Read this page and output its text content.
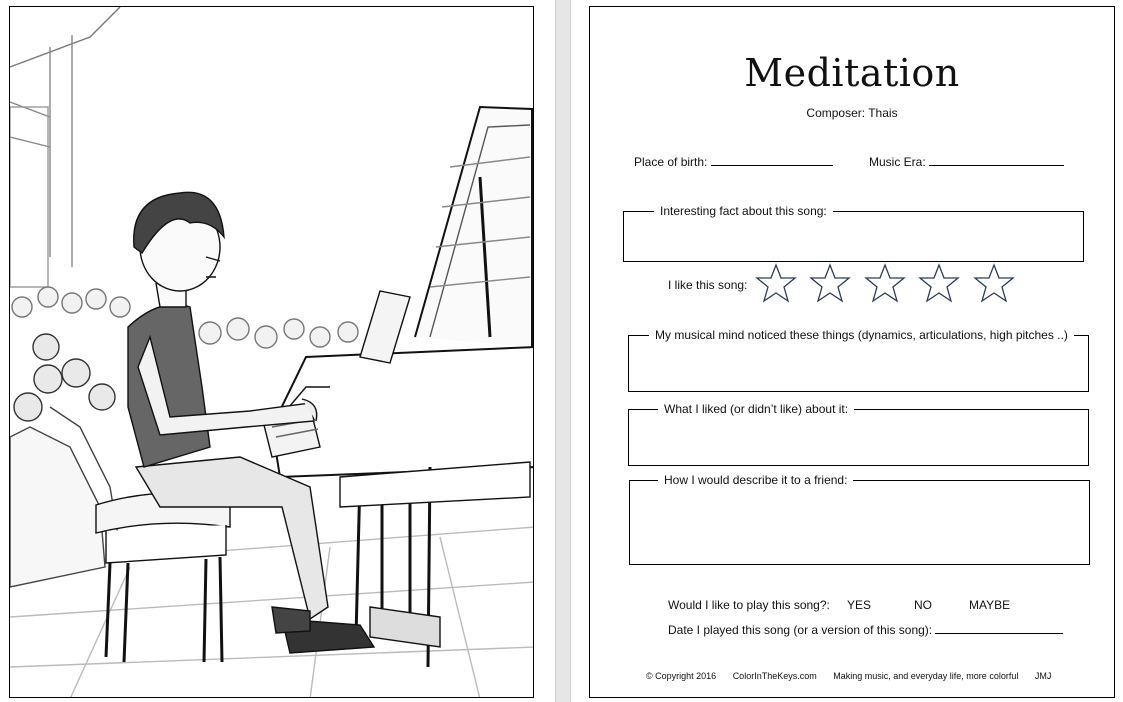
Meditation
Composer: Thais
Place of birth:	Music Era:
Interesting fact about this song:
I like this song:

My musical mind noticed these things (dynamics, articulations, high pitches ..)
What I liked (or didn’t like) about it:
How I would describe it to a friend:
Would I like to play this song?: YES	NO	MAYBE
Date I played this song (or a version of this song):
© Copyright 2016 ColorInTheKeys.com Making music, and everyday life, more colorful JMJ
